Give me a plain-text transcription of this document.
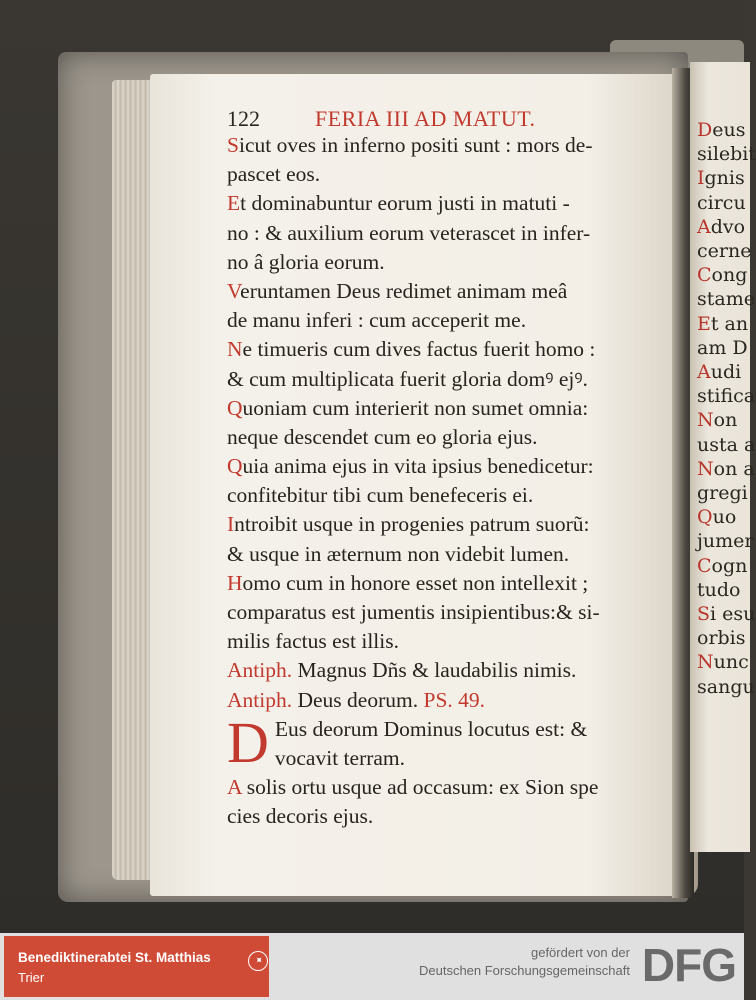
Deus
silebit
Ignis
circu
Advo
cerne
Cong
stame
Et an
am D
Audi
stifica
Non
usta a
Non a
gregi
Quo
jumer
Cogn
tudo
Si esu
orbis
Nunc
sangu
122	FERIA III AD MATUT.
Sicut oves in inferno positi sunt : mors de-
pascet eos.
Et dominabuntur eorum justi in matuti -
no : & auxilium eorum veterascet in infer-
no â gloria eorum.
Veruntamen Deus redimet animam meâ
de manu inferi : cum acceperit me.
Ne timueris cum dives factus fuerit homo :
& cum multiplicata fuerit gloria domꝰ ejꝰ.
Quoniam cum interierit non sumet omnia:
neque descendet cum eo gloria ejus.
Quia anima ejus in vita ipsius benedicetur:
confitebitur tibi cum benefeceris ei.
Introibit usque in progenies patrum suorũ:
& usque in æternum non videbit lumen.
Homo cum in honore esset non intellexit ;
comparatus est jumentis insipientibus:& si-
milis factus est illis.
Antiph. Magnus Dñs & laudabilis nimis.
Antiph. Deus deorum. PS. 49.
D Eus deorum Dominus locutus est: &
vocavit terram.
A solis ortu usque ad occasum: ex Sion spe
cies decoris ejus.
Benediktinerabtei St. Matthias
Trier
✦
gefördert von der
Deutschen Forschungsgemeinschaft DFG
